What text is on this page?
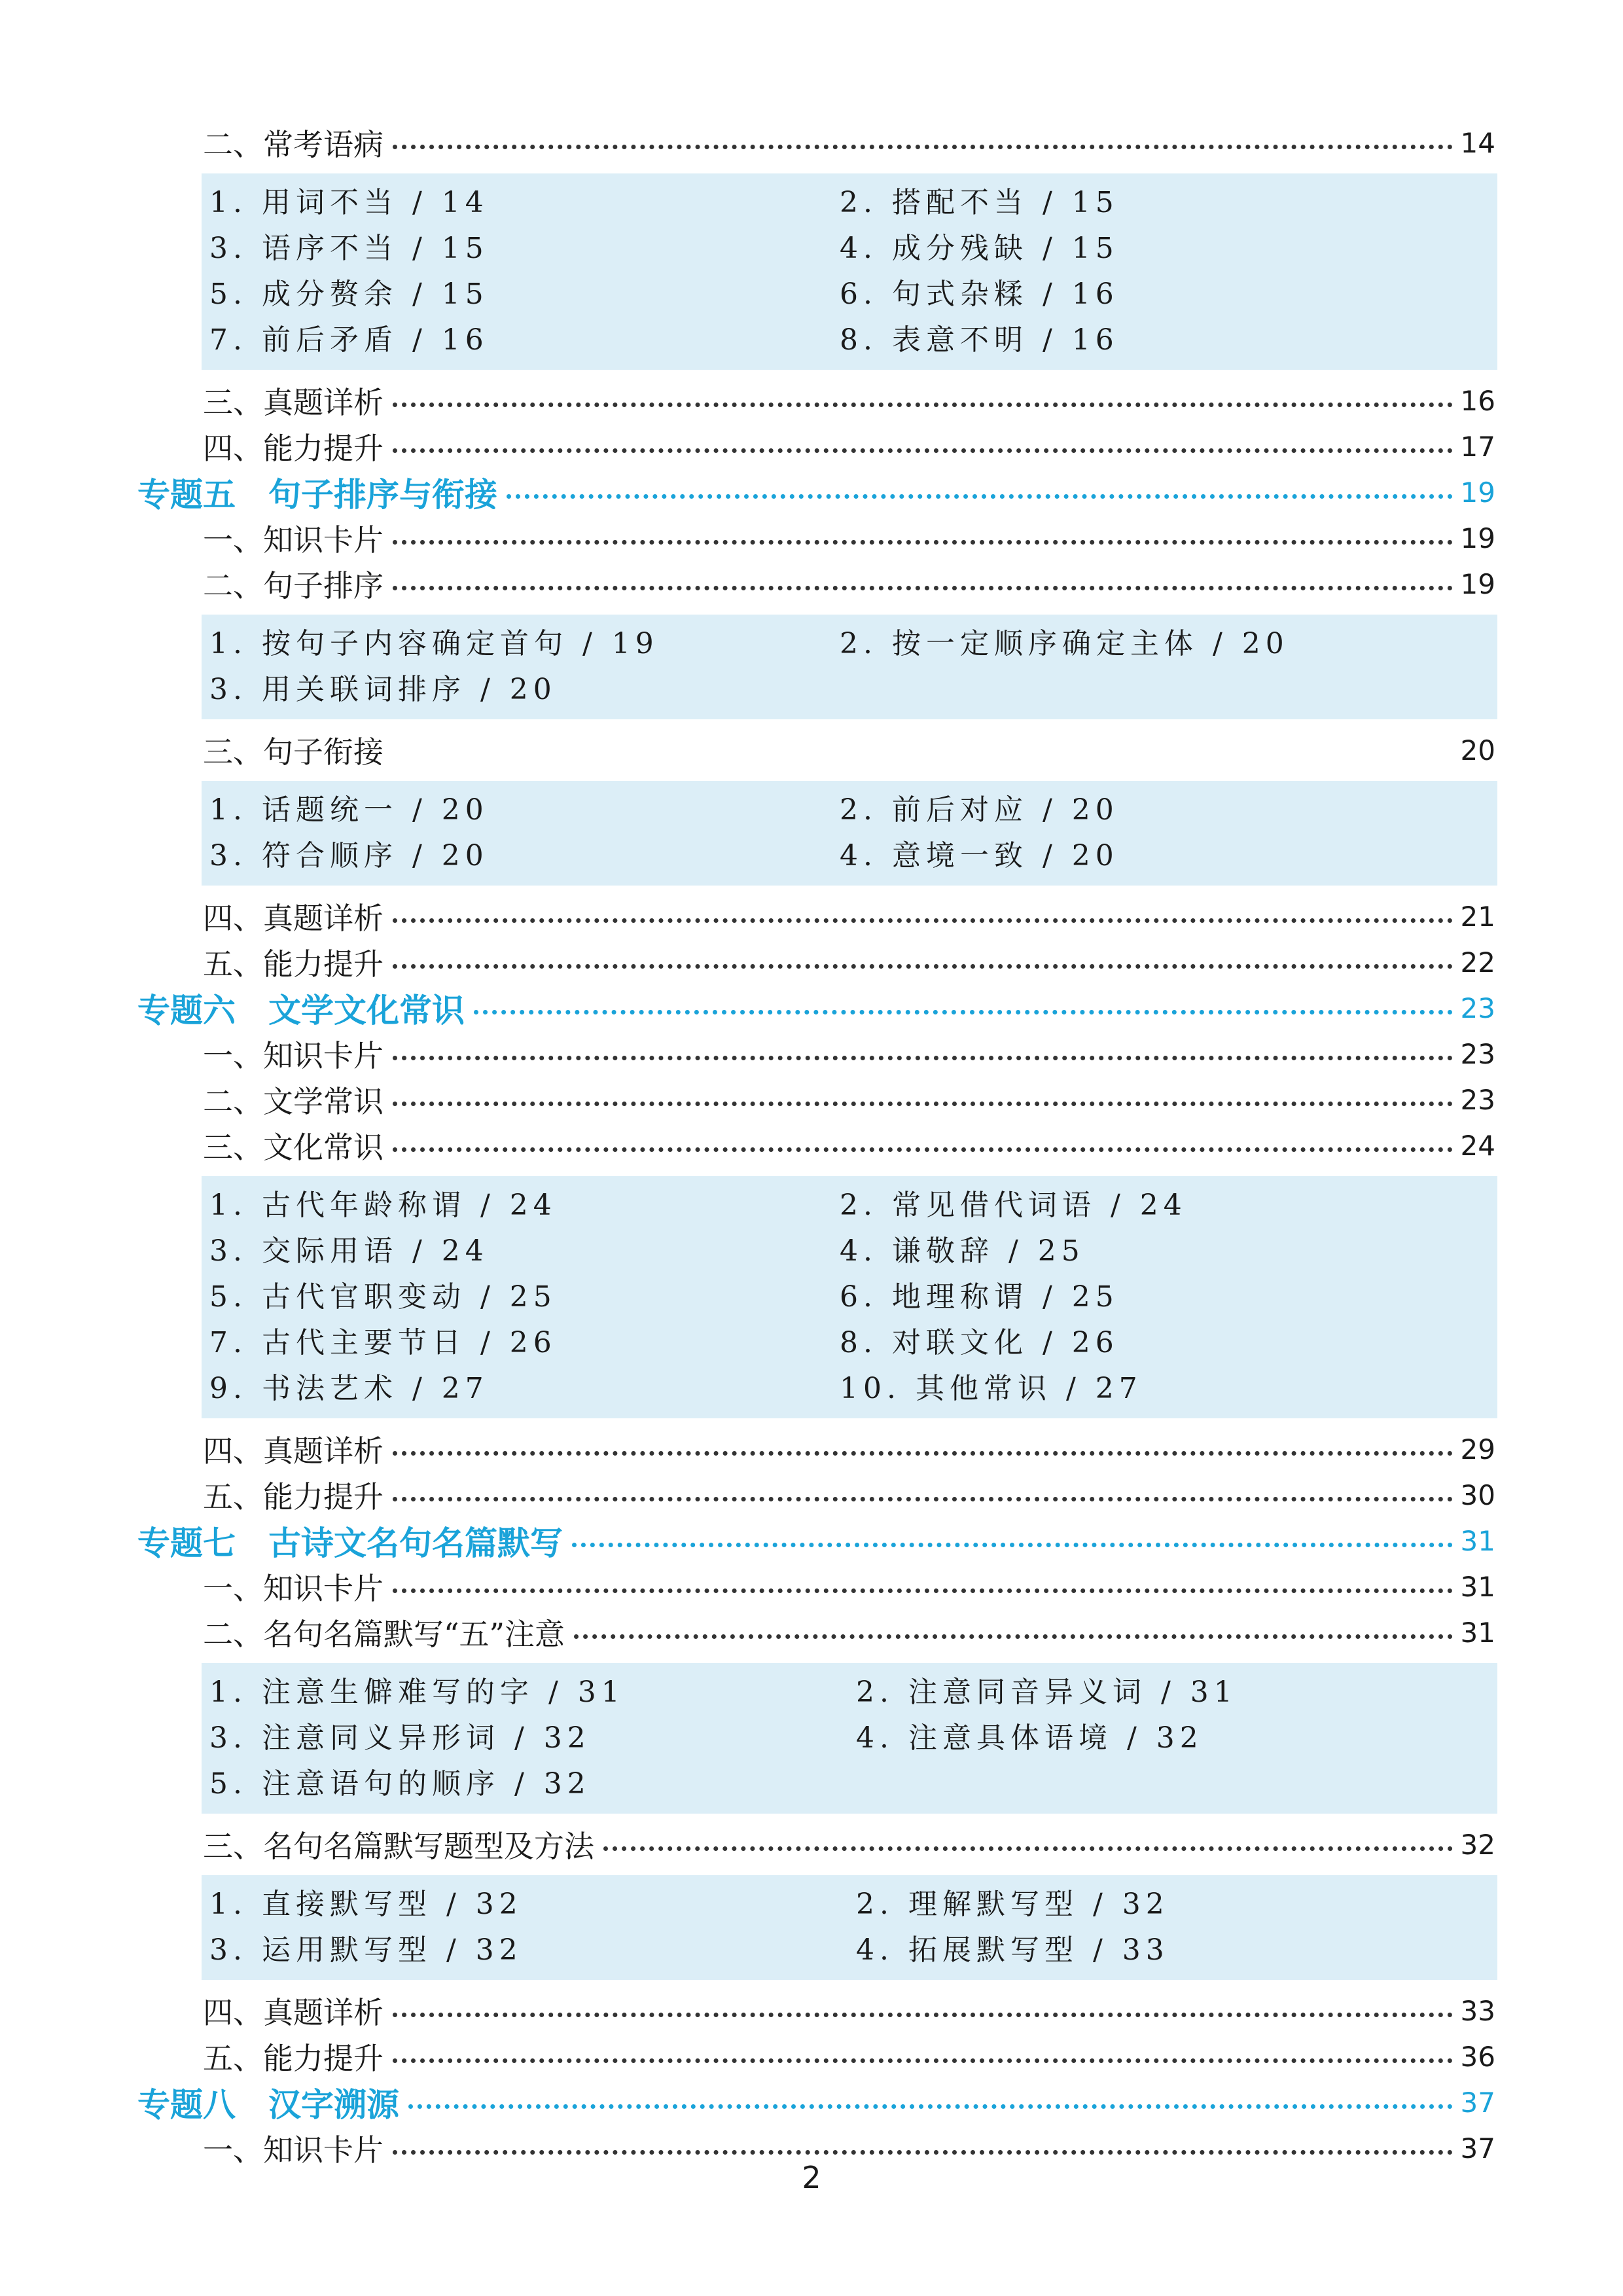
二、常考语病	14
1. 用词不当 / 14	2. 搭配不当 / 15
3. 语序不当 / 15	4. 成分残缺 / 15
5. 成分赘余 / 15	6. 句式杂糅 / 16
7. 前后矛盾 / 16	8. 表意不明 / 16
三、真题详析	16
四、能力提升	17
专题五　句子排序与衔接	19
一、知识卡片	19
二、句子排序	19
1. 按句子内容确定首句 / 19	2. 按一定顺序确定主体 / 20
3. 用关联词排序 / 20
三、句子衔接	20
1. 话题统一 / 20	2. 前后对应 / 20
3. 符合顺序 / 20	4. 意境一致 / 20
四、真题详析	21
五、能力提升	22
专题六　文学文化常识	23
一、知识卡片	23
二、文学常识	23
三、文化常识	24
1. 古代年龄称谓 / 24	2. 常见借代词语 / 24
3. 交际用语 / 24	4. 谦敬辞 / 25
5. 古代官职变动 / 25	6. 地理称谓 / 25
7. 古代主要节日 / 26	8. 对联文化 / 26
9. 书法艺术 / 27	10. 其他常识 / 27
四、真题详析	29
五、能力提升	30
专题七　古诗文名句名篇默写	31
一、知识卡片	31
二、名句名篇默写“五”注意	31
1. 注意生僻难写的字 / 31	2. 注意同音异义词 / 31
3. 注意同义异形词 / 32	4. 注意具体语境 / 32
5. 注意语句的顺序 / 32
三、名句名篇默写题型及方法	32
1. 直接默写型 / 32	2. 理解默写型 / 32
3. 运用默写型 / 32	4. 拓展默写型 / 33
四、真题详析	33
五、能力提升	36
专题八　汉字溯源	37
一、知识卡片	37
2
